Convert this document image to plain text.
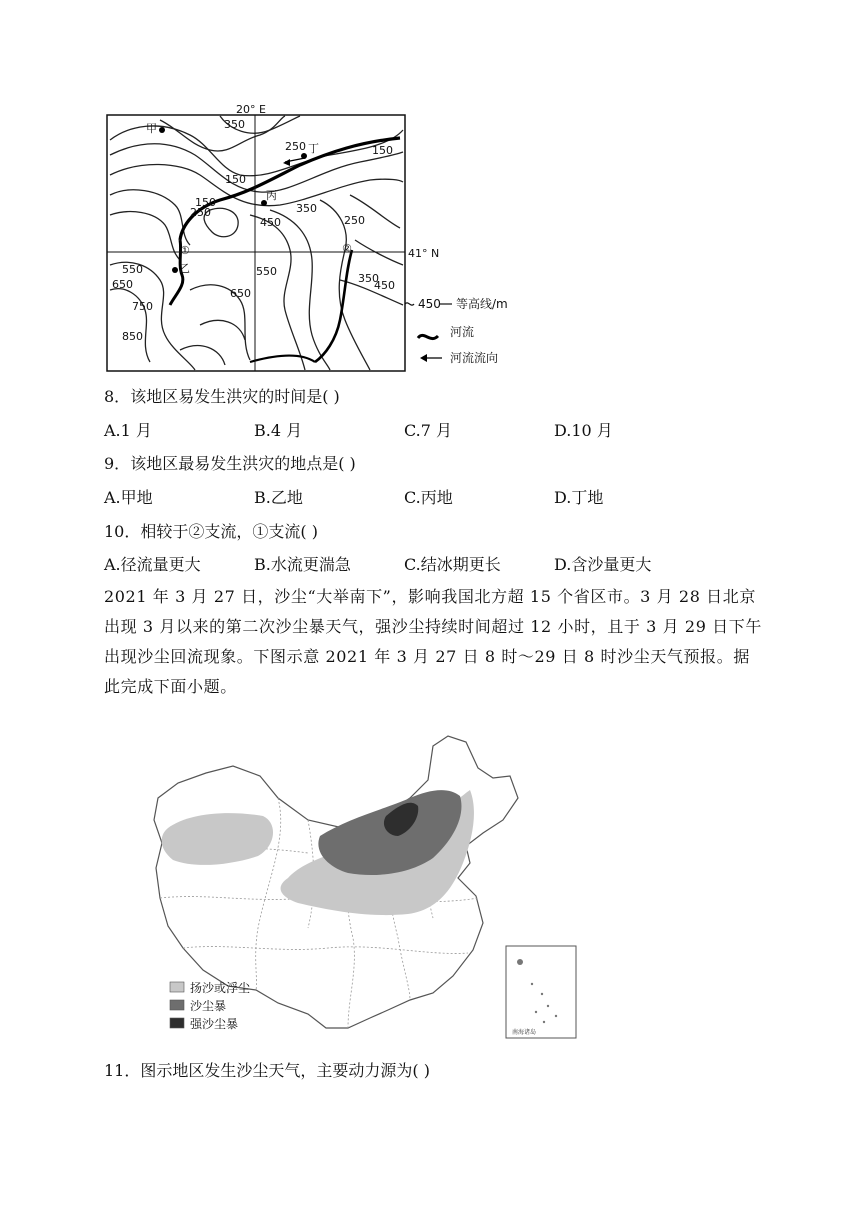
甲
丁
丙
乙
①	②
20° E
41° N
350
250	150
150
150
250
450
350
250
550
650
750
850
550
650
350
450
450 等高线/m
河流
河流流向
8．该地区易发生洪灾的时间是( )
A.1 月	B.4 月	C.7 月	D.10 月
9．该地区最易发生洪灾的地点是( )
A.甲地	B.乙地	C.丙地	D.丁地
10．相较于②支流，①支流( )
A.径流量更大	B.水流更湍急	C.结冰期更长	D.含沙量更大
2021 年 3 月 27 日，沙尘“大举南下”，影响我国北方超 15 个省区市。3 月 28 日北京出现 3 月以来的第二次沙尘暴天气，强沙尘持续时间超过 12 小时，且于 3 月 29 日下午出现沙尘回流现象。下图示意 2021 年 3 月 27 日 8 时～29 日 8 时沙尘天气预报。据此完成下面小题。
南海诸岛
扬沙或浮尘
沙尘暴
强沙尘暴
11．图示地区发生沙尘天气，主要动力源为( )
